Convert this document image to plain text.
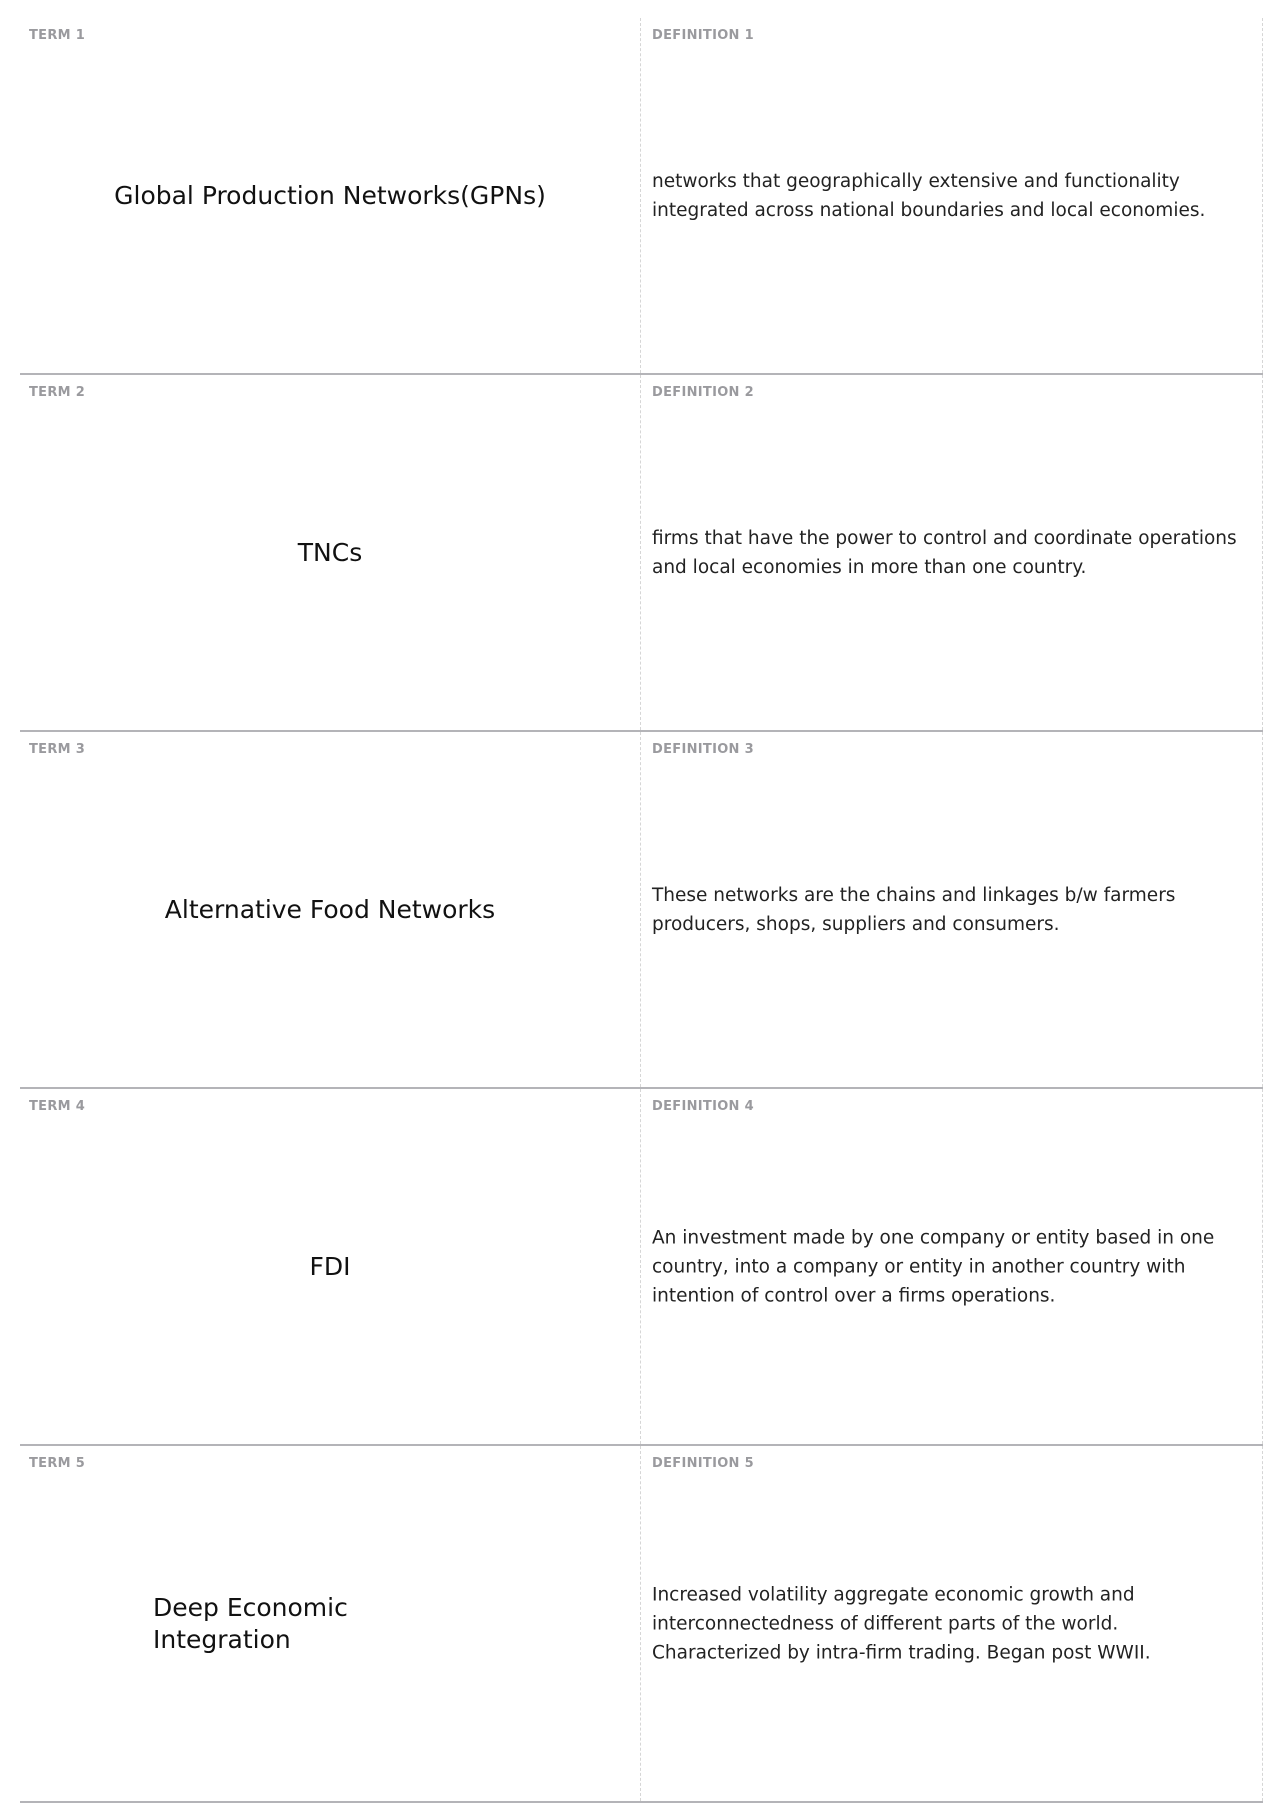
TERM 1
Global Production Networks(GPNs)
DEFINITION 1
networks that geographically extensive and functionality integrated across national boundaries and local economies.
TERM 2
TNCs
DEFINITION 2
firms that have the power to control and coordinate operations and local economies in more than one country.
TERM 3
Alternative Food Networks
DEFINITION 3
These networks are the chains and linkages b/w farmers producers, shops, suppliers and consumers.
TERM 4
FDI
DEFINITION 4
An investment made by one company or entity based in one country, into a company or entity in another country with intention of control over a firms operations.
TERM 5
Deep Economic Integration
DEFINITION 5
Increased volatility aggregate economic growth and interconnectedness of different parts of the world. Characterized by intra-firm trading. Began post WWII.
